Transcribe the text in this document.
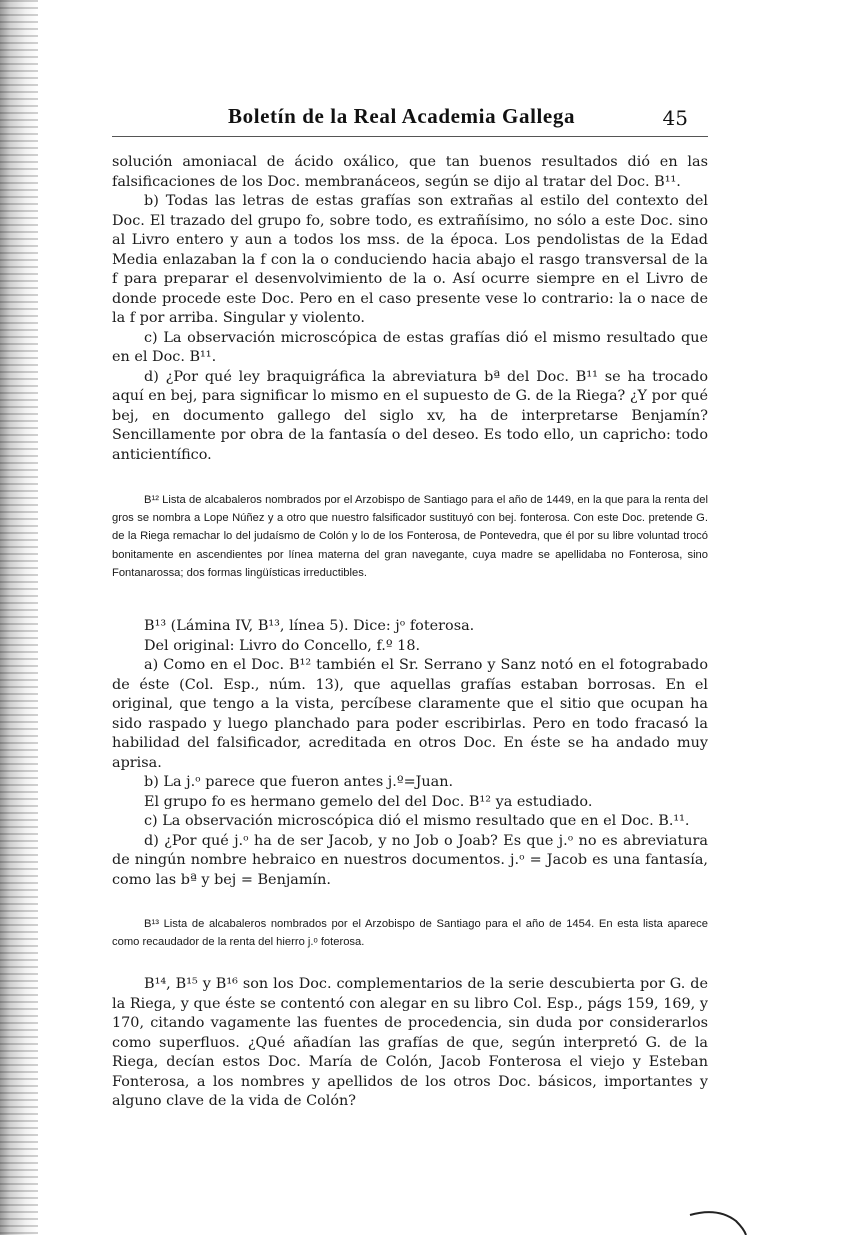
Boletín de la Real Academia Gallega	45

solución amoniacal de ácido oxálico, que tan buenos resultados dió en las falsificaciones de los Doc. membranáceos, según se dijo al tratar del Doc. B¹¹.

b) Todas las letras de estas grafías son extrañas al estilo del contexto del Doc. El trazado del grupo fo, sobre todo, es extrañísimo, no sólo a este Doc. sino al Livro entero y aun a todos los mss. de la época. Los pendolistas de la Edad Media enlazaban la f con la o conduciendo hacia abajo el rasgo transversal de la f para preparar el desenvolvimiento de la o. Así ocurre siempre en el Livro de donde procede este Doc. Pero en el caso presente vese lo contrario: la o nace de la f por arriba. Singular y violento.

c) La observación microscópica de estas grafías dió el mismo resultado que en el Doc. B¹¹.

d) ¿Por qué ley braquigráfica la abreviatura bª del Doc. B¹¹ se ha trocado aquí en bej, para significar lo mismo en el supuesto de G. de la Riega? ¿Y por qué bej, en documento gallego del siglo xv, ha de interpretarse Benjamín? Sencillamente por obra de la fantasía o del deseo. Es todo ello, un capricho: todo anticientífico.

B¹² Lista de alcabaleros nombrados por el Arzobispo de Santiago para el año de 1449, en la que para la renta del gros se nombra a Lope Núñez y a otro que nuestro falsificador sustituyó con bej. fonterosa. Con este Doc. pretende G. de la Riega remachar lo del judaísmo de Colón y lo de los Fonterosa, de Pontevedra, que él por su libre voluntad trocó bonitamente en ascendientes por línea materna del gran navegante, cuya madre se apellidaba no Fonterosa, sino Fontanarossa; dos formas lingüísticas irreductibles.

B¹³ (Lámina IV, B¹³, línea 5). Dice: jᵒ foterosa.

Del original: Livro do Concello, f.º 18.

a) Como en el Doc. B¹² también el Sr. Serrano y Sanz notó en el fotograbado de éste (Col. Esp., núm. 13), que aquellas grafías estaban borrosas. En el original, que tengo a la vista, percíbese claramente que el sitio que ocupan ha sido raspado y luego planchado para poder escribirlas. Pero en todo fracasó la habilidad del falsificador, acreditada en otros Doc. En éste se ha andado muy aprisa.

b) La j.ᵒ parece que fueron antes j.º=Juan.

El grupo fo es hermano gemelo del del Doc. B¹² ya estudiado.

c) La observación microscópica dió el mismo resultado que en el Doc. B.¹¹.

d) ¿Por qué j.ᵒ ha de ser Jacob, y no Job o Joab? Es que j.ᵒ no es abreviatura de ningún nombre hebraico en nuestros documentos. j.ᵒ = Jacob es una fantasía, como las bª y bej = Benjamín.

B¹³ Lista de alcabaleros nombrados por el Arzobispo de Santiago para el año de 1454. En esta lista aparece como recaudador de la renta del hierro j.ᵒ foterosa.

B¹⁴, B¹⁵ y B¹⁶ son los Doc. complementarios de la serie descubierta por G. de la Riega, y que éste se contentó con alegar en su libro Col. Esp., págs 159, 169, y 170, citando vagamente las fuentes de procedencia, sin duda por considerarlos como superfluos. ¿Qué añadían las grafías de que, según interpretó G. de la Riega, decían estos Doc. María de Colón, Jacob Fonterosa el viejo y Esteban Fonterosa, a los nombres y apellidos de los otros Doc. básicos, importantes y alguno clave de la vida de Colón?
